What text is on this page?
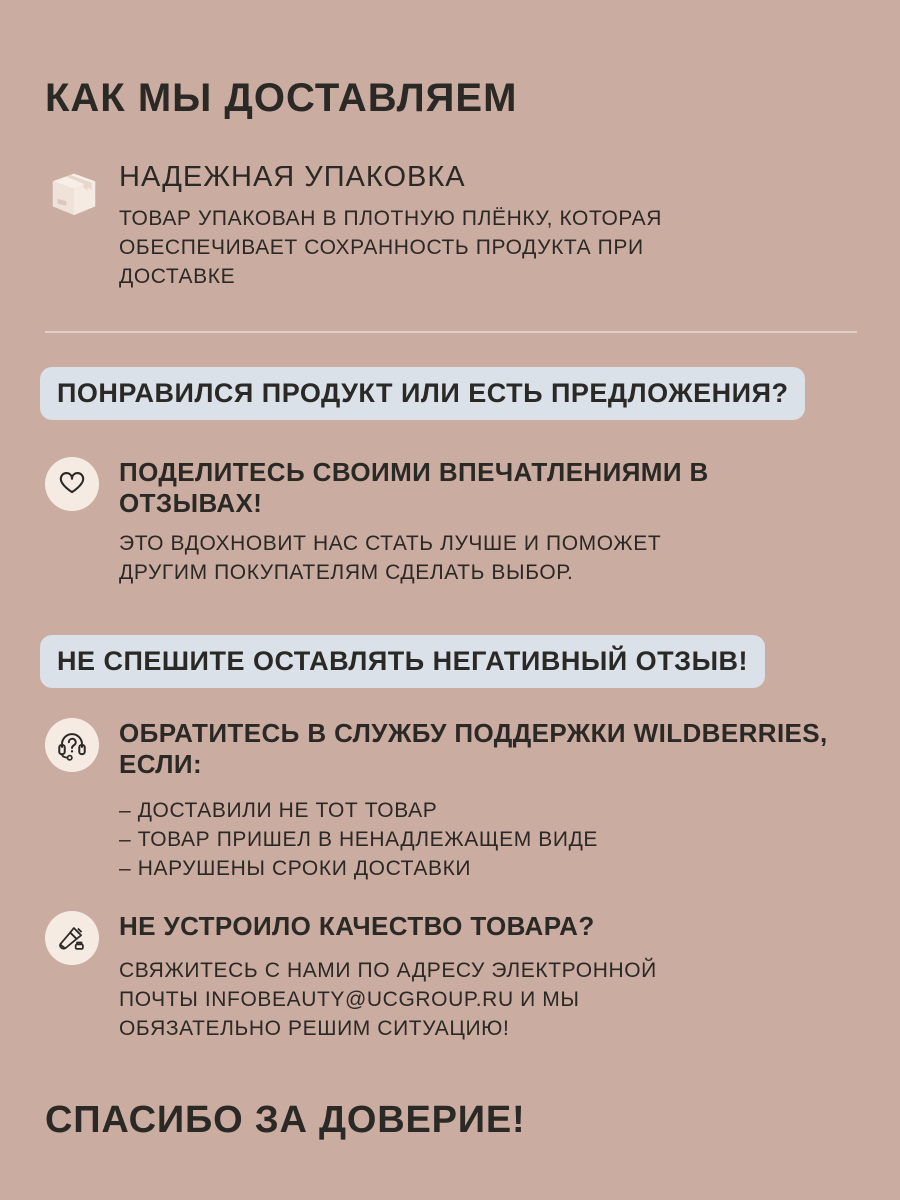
КАК МЫ ДОСТАВЛЯЕМ
НАДЕЖНАЯ УПАКОВКА

ТОВАР УПАКОВАН В ПЛОТНУЮ ПЛЁНКУ, КОТОРАЯ ОБЕСПЕЧИВАЕТ СОХРАННОСТЬ ПРОДУКТА ПРИ ДОСТАВКЕ

ПОНРАВИЛСЯ ПРОДУКТ ИЛИ ЕСТЬ ПРЕДЛОЖЕНИЯ?
ПОДЕЛИТЕСЬ СВОИМИ ВПЕЧАТЛЕНИЯМИ В ОТЗЫВАХ!

ЭТО ВДОХНОВИТ НАС СТАТЬ ЛУЧШЕ И ПОМОЖЕТ ДРУГИМ ПОКУПАТЕЛЯМ СДЕЛАТЬ ВЫБОР.

НЕ СПЕШИТЕ ОСТАВЛЯТЬ НЕГАТИВНЫЙ ОТЗЫВ!
ОБРАТИТЕСЬ В СЛУЖБУ ПОДДЕРЖКИ WILDBERRIES, ЕСЛИ:
– ДОСТАВИЛИ НЕ ТОТ ТОВАР
– ТОВАР ПРИШЕЛ В НЕНАДЛЕЖАЩЕМ ВИДЕ
– НАРУШЕНЫ СРОКИ ДОСТАВКИ
НЕ УСТРОИЛО КАЧЕСТВО ТОВАРА?

СВЯЖИТЕСЬ С НАМИ ПО АДРЕСУ ЭЛЕКТРОННОЙ ПОЧТЫ INFOBEAUTY@UCGROUP.RU И МЫ ОБЯЗАТЕЛЬНО РЕШИМ СИТУАЦИЮ!

СПАСИБО ЗА ДОВЕРИЕ!
